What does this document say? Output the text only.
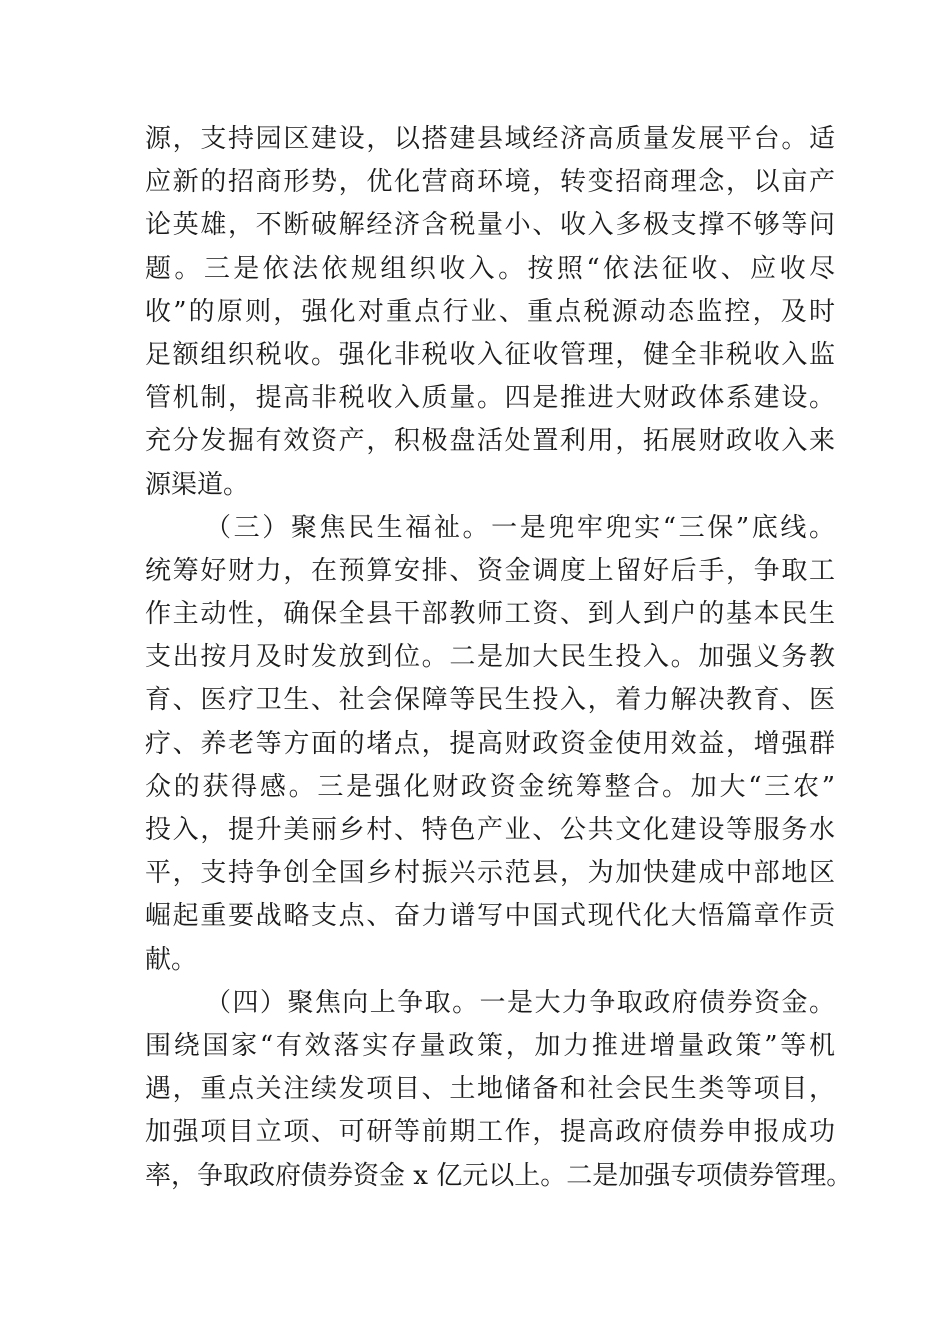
源，支持园区建设，以搭建县域经济高质量发展平台。适
应新的招商形势，优化营商环境，转变招商理念，以亩产
论英雄，不断破解经济含税量小、收入多极支撑不够等问
题。三是依法依规组织收入。按照“依法征收、应收尽
收”的原则，强化对重点行业、重点税源动态监控，及时
足额组织税收。强化非税收入征收管理，健全非税收入监
管机制，提高非税收入质量。四是推进大财政体系建设。
充分发掘有效资产，积极盘活处置利用，拓展财政收入来
源渠道。
（三）聚焦民生福祉。一是兜牢兜实“三保”底线。
统筹好财力，在预算安排、资金调度上留好后手，争取工
作主动性，确保全县干部教师工资、到人到户的基本民生
支出按月及时发放到位。二是加大民生投入。加强义务教
育、医疗卫生、社会保障等民生投入，着力解决教育、医
疗、养老等方面的堵点，提高财政资金使用效益，增强群
众的获得感。三是强化财政资金统筹整合。加大“三农”
投入，提升美丽乡村、特色产业、公共文化建设等服务水
平，支持争创全国乡村振兴示范县，为加快建成中部地区
崛起重要战略支点、奋力谱写中国式现代化大悟篇章作贡
献。
（四）聚焦向上争取。一是大力争取政府债券资金。
围绕国家“有效落实存量政策，加力推进增量政策”等机
遇，重点关注续发项目、土地储备和社会民生类等项目，
加强项目立项、可研等前期工作，提高政府债券申报成功
率，争取政府债券资金 x 亿元以上。二是加强专项债券管理。
